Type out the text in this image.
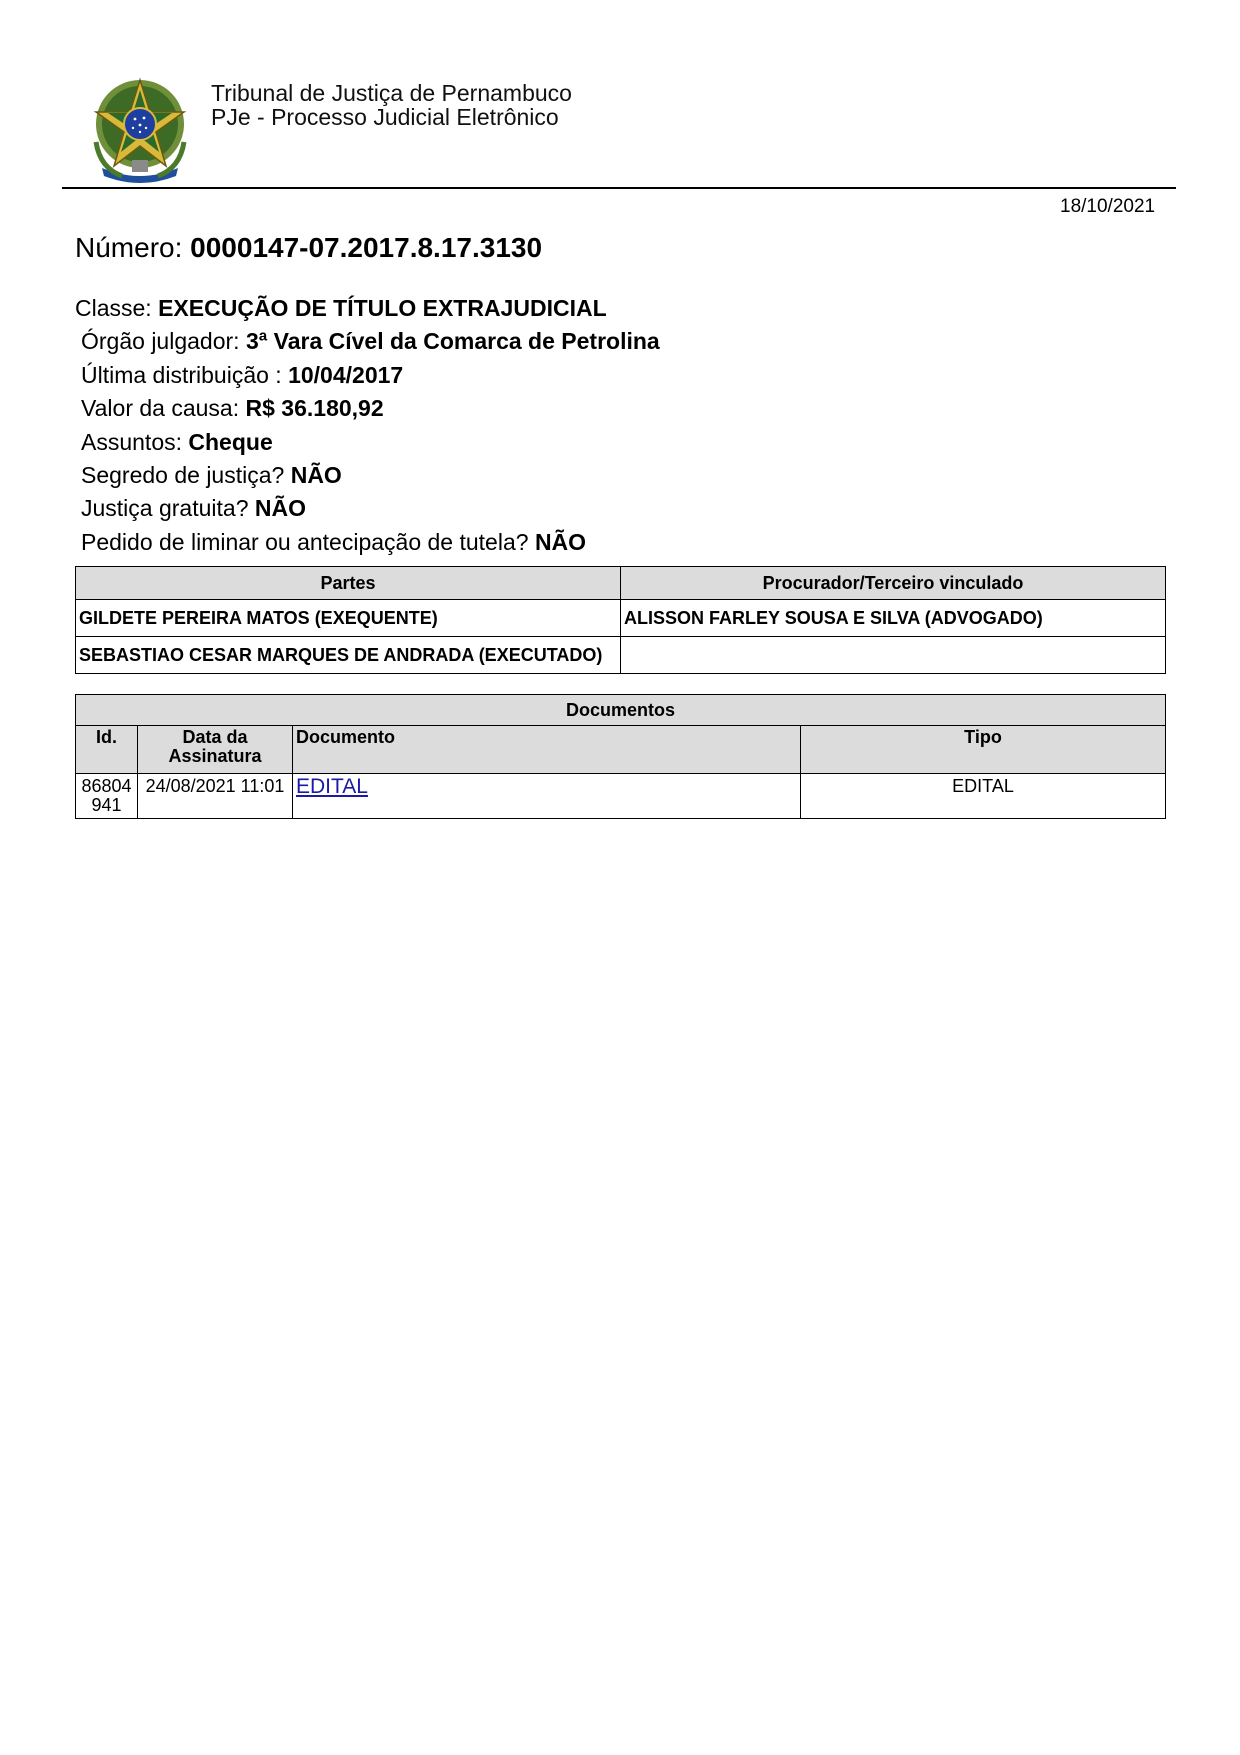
Tribunal de Justiça de Pernambuco
PJe - Processo Judicial Eletrônico
18/10/2021
Número: 0000147-07.2017.8.17.3130
Classe: EXECUÇÃO DE TÍTULO EXTRAJUDICIAL
Órgão julgador: 3ª Vara Cível da Comarca de Petrolina
Última distribuição : 10/04/2017
Valor da causa: R$ 36.180,92
Assuntos: Cheque
Segredo de justiça? NÃO
Justiça gratuita? NÃO
Pedido de liminar ou antecipação de tutela? NÃO
Partes	Procurador/Terceiro vinculado
GILDETE PEREIRA MATOS (EXEQUENTE)	ALISSON FARLEY SOUSA E SILVA (ADVOGADO)
SEBASTIAO CESAR MARQUES DE ANDRADA (EXECUTADO)	
Documentos			
Id.	Data da Assinatura	Documento	Tipo
86804941	24/08/2021 11:01	EDITAL	EDITAL
